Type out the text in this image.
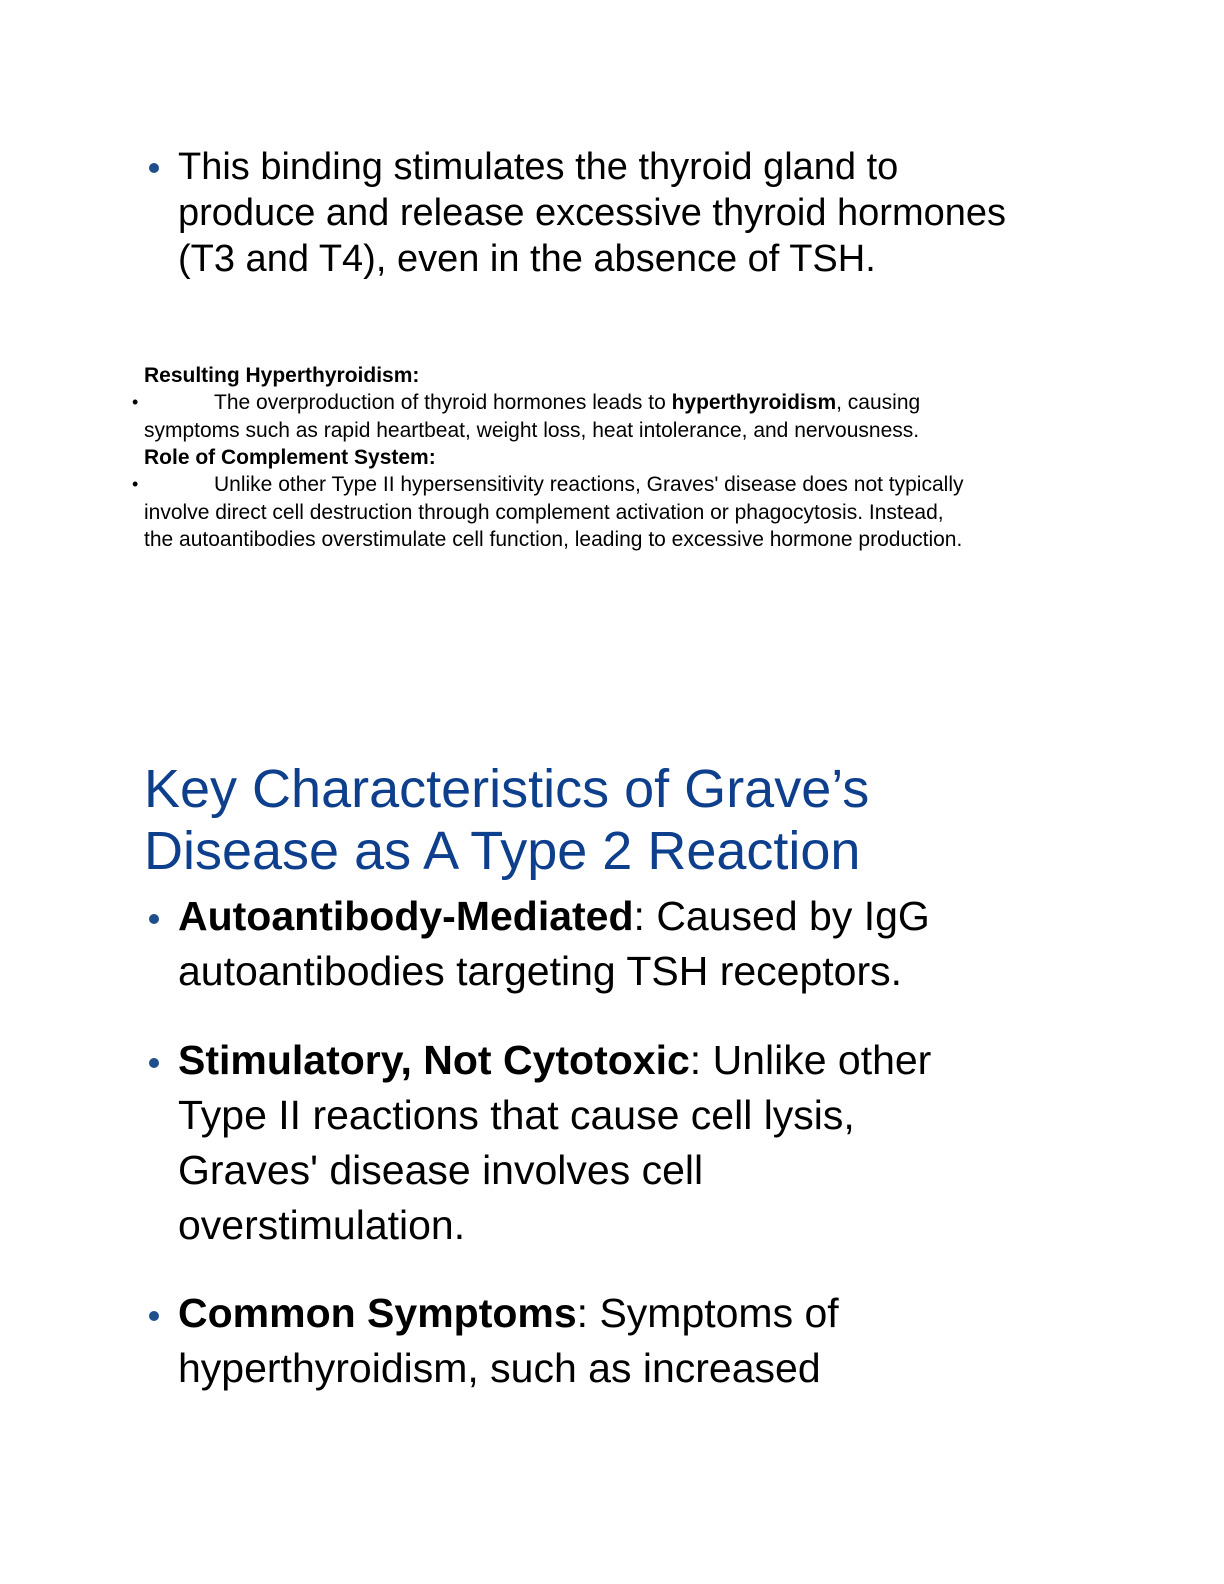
This binding stimulates the thyroid gland to
produce and release excessive thyroid hormones
(T3 and T4), even in the absence of TSH.
Resulting Hyperthyroidism:
•	The overproduction of thyroid hormones leads to hyperthyroidism, causing
symptoms such as rapid heartbeat, weight loss, heat intolerance, and nervousness.
Role of Complement System:
•	Unlike other Type II hypersensitivity reactions, Graves' disease does not typically
involve direct cell destruction through complement activation or phagocytosis. Instead,
the autoantibodies overstimulate cell function, leading to excessive hormone production.
Key Characteristics of Grave’s
Disease as A Type 2 Reaction
Autoantibody-Mediated: Caused by IgG
autoantibodies targeting TSH receptors.
Stimulatory, Not Cytotoxic: Unlike other
Type II reactions that cause cell lysis,
Graves' disease involves cell
overstimulation.
Common Symptoms: Symptoms of
hyperthyroidism, such as increased
